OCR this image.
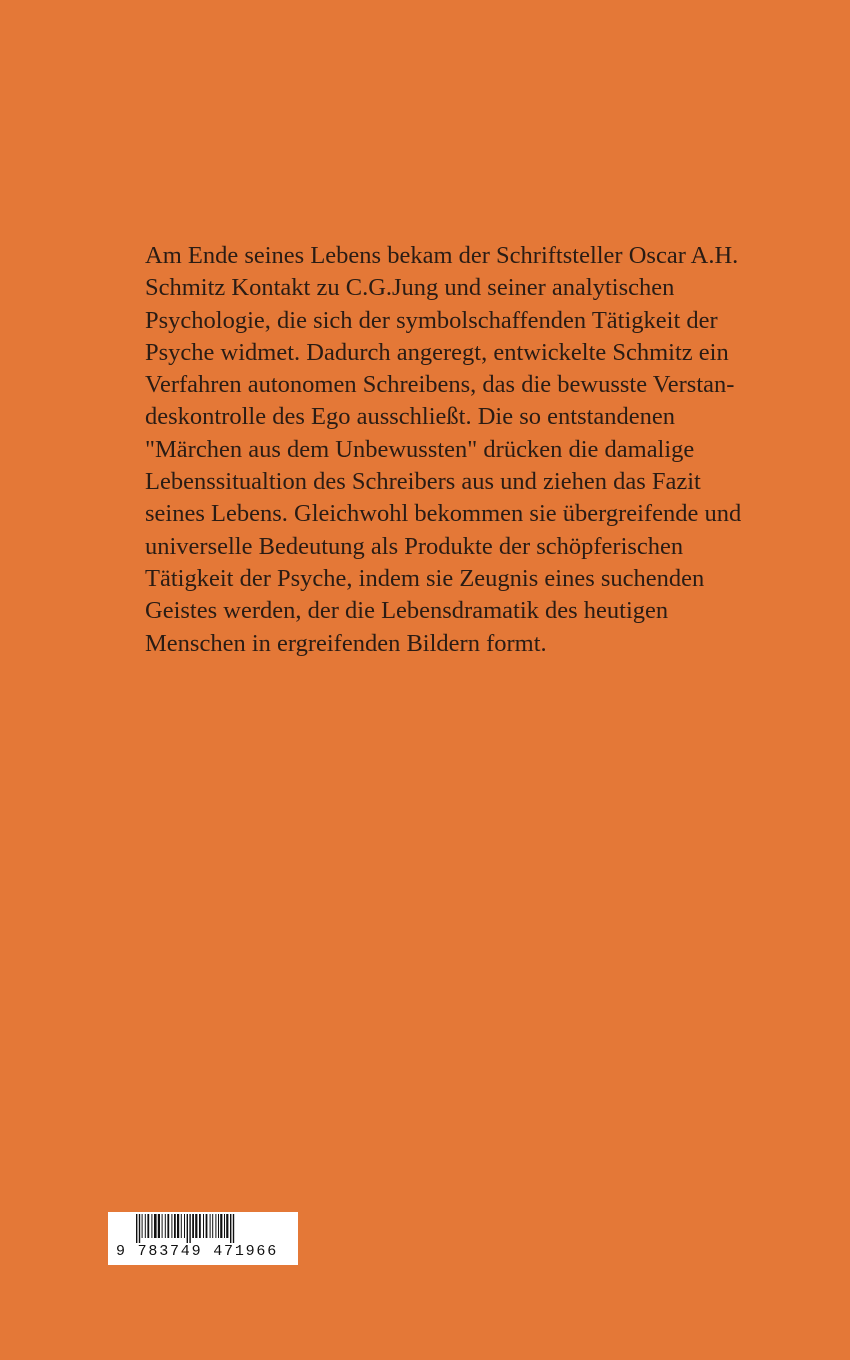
Am Ende seines Lebens bekam der Schriftsteller Oscar A.H.
Schmitz Kontakt zu C.G.Jung und seiner analytischen
Psychologie, die sich der symbolschaffenden Tätigkeit der
Psyche widmet. Dadurch angeregt, entwickelte Schmitz ein
Verfahren autonomen Schreibens, das die bewusste Verstan-
deskontrolle des Ego ausschließt. Die so entstandenen
"Märchen aus dem Unbewussten" drücken die damalige
Lebenssitualtion des Schreibers aus und ziehen das Fazit
seines Lebens. Gleichwohl bekommen sie übergreifende und
universelle Bedeutung als Produkte der schöpferischen
Tätigkeit der Psyche, indem sie Zeugnis eines suchenden
Geistes werden, der die Lebensdramatik des heutigen
Menschen in ergreifenden Bildern formt.

9 783749 471966
